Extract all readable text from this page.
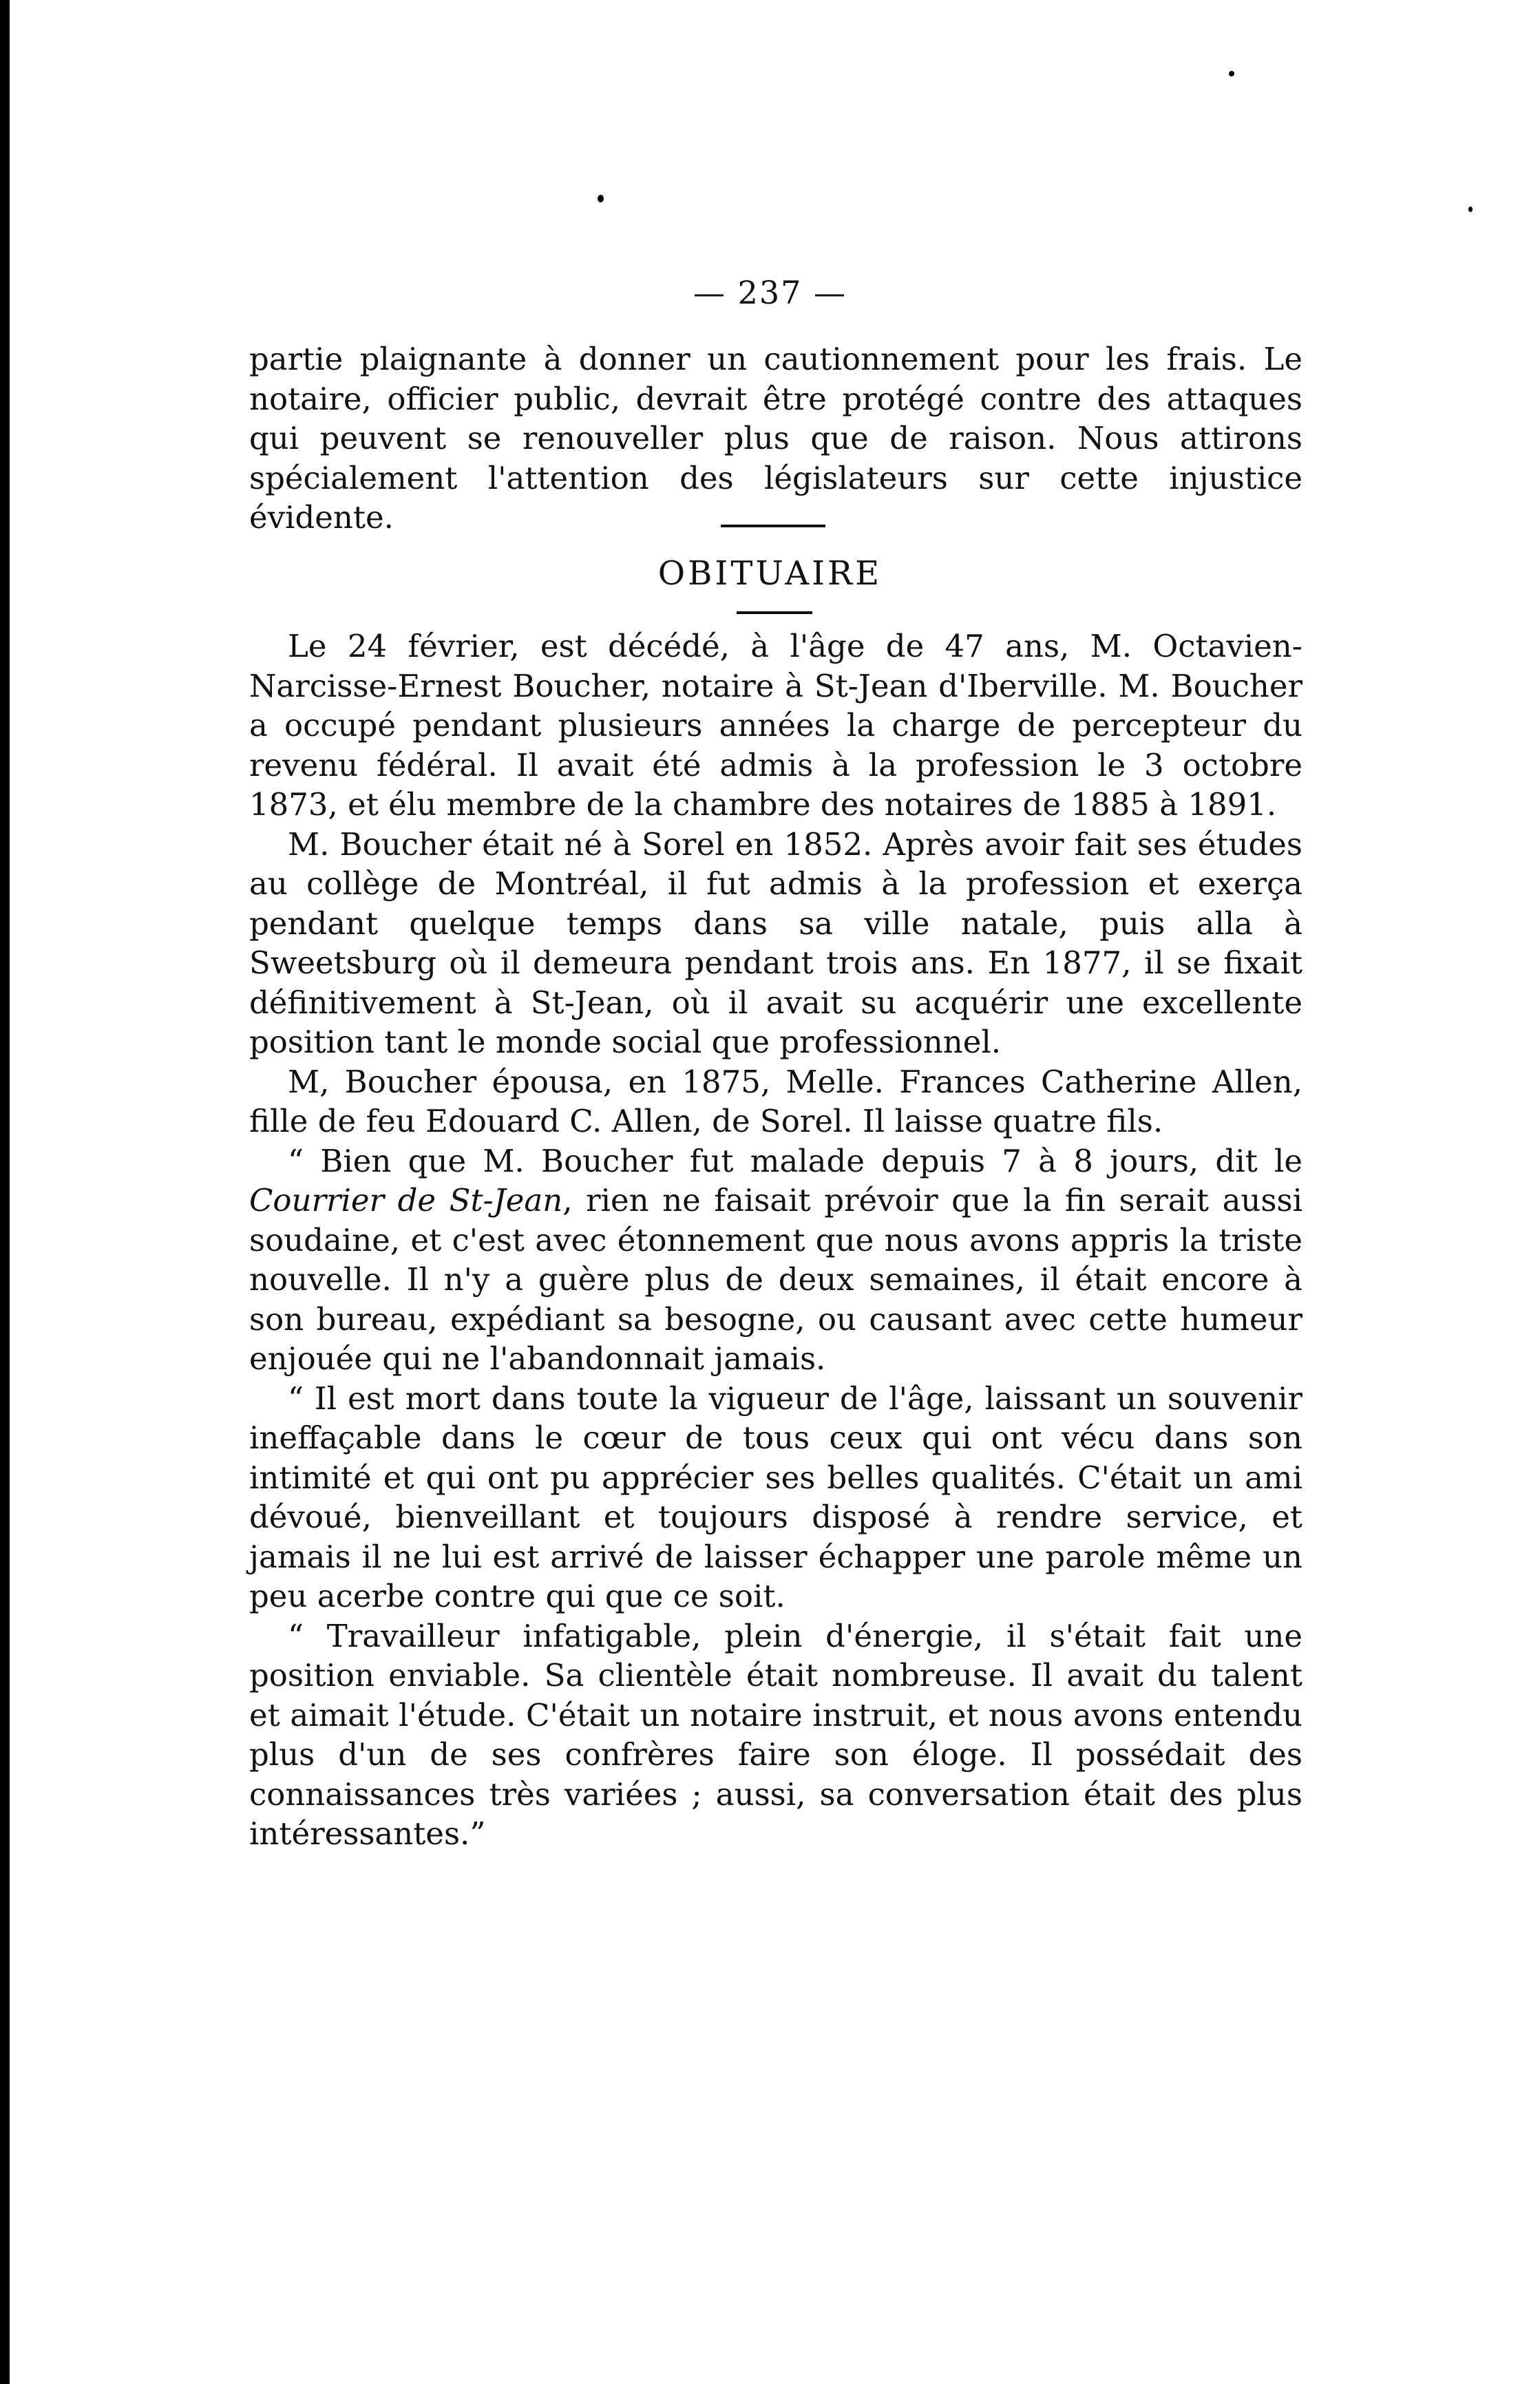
— 237 —

partie plaignante à donner un cautionnement pour les frais. Le notaire, officier public, devrait être protégé contre des attaques qui peuvent se renouveller plus que de raison. Nous attirons spécialement l'attention des législateurs sur cette injustice évidente.

OBITUAIRE

Le 24 février, est décédé, à l'âge de 47 ans, M. Octavien-Narcisse-Ernest Boucher, notaire à St-Jean d'Iberville. M. Boucher a occupé pendant plusieurs années la charge de percepteur du revenu fédéral. Il avait été admis à la profession le 3 octobre 1873, et élu membre de la chambre des notaires de 1885 à 1891.

M. Boucher était né à Sorel en 1852. Après avoir fait ses études au collège de Montréal, il fut admis à la profession et exerça pendant quelque temps dans sa ville natale, puis alla à Sweetsburg où il demeura pendant trois ans. En 1877, il se fixait définitivement à St-Jean, où il avait su acquérir une excellente position tant le monde social que professionnel.

M, Boucher épousa, en 1875, Melle. Frances Catherine Allen, fille de feu Edouard C. Allen, de Sorel. Il laisse quatre fils.

“ Bien que M. Boucher fut malade depuis 7 à 8 jours, dit le Courrier de St-Jean, rien ne faisait prévoir que la fin serait aussi soudaine, et c'est avec étonnement que nous avons appris la triste nouvelle. Il n'y a guère plus de deux semaines, il était encore à son bureau, expédiant sa besogne, ou causant avec cette humeur enjouée qui ne l'abandonnait jamais.

“ Il est mort dans toute la vigueur de l'âge, laissant un souvenir ineffaçable dans le cœur de tous ceux qui ont vécu dans son intimité et qui ont pu apprécier ses belles qualités. C'était un ami dévoué, bienveillant et toujours disposé à rendre service, et jamais il ne lui est arrivé de laisser échapper une parole même un peu acerbe contre qui que ce soit.

“ Travailleur infatigable, plein d'énergie, il s'était fait une position enviable. Sa clientèle était nombreuse. Il avait du talent et aimait l'étude. C'était un notaire instruit, et nous avons entendu plus d'un de ses confrères faire son éloge. Il possédait des connaissances très variées ; aussi, sa conversation était des plus intéressantes.”
